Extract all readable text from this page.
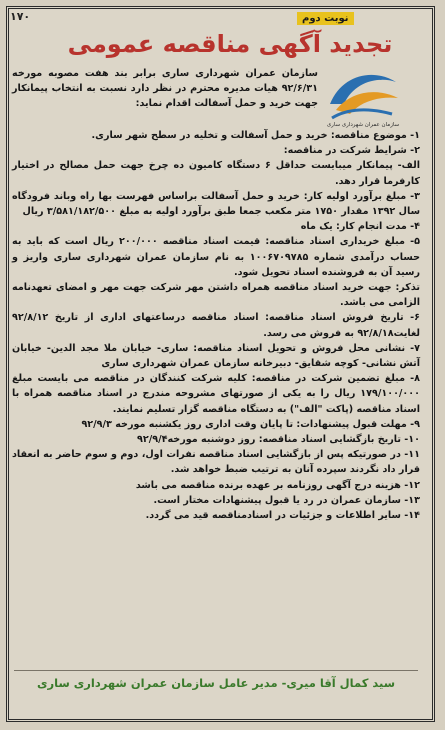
۱۷۰	نوبت دوم
تجدید آگهی مناقصه عمومی
سازمان عمران شهرداری ساری
سازمان عمران شهرداری ساری برابر بند هفت مصوبه مورخه ۹۲/۶/۳۱ هیات مدیره محترم در نظر دارد نسبت به انتخاب پیمانکار جهت خرید و حمل آسفالت اقدام نماید:

۱- موضوع مناقصه: خرید و حمل آسفالت و تخلیه در سطح شهر ساری.

۲- شرایط شرکت در مناقصه:

الف- پیمانکار میبایست حداقل ۶ دستگاه کامیون ده چرخ جهت حمل مصالح در اختیار کارفرما قرار دهد.

۳- مبلغ برآورد اولیه کار: خرید و حمل آسفالت براساس فهرست بها راه وباند فرودگاه سال ۱۳۹۲ مقدار ۱۷۵۰ متر مکعب جمعا طبق برآورد اولیه به مبلغ ۳/۵۸۱/۱۸۲/۵۰۰ ریال

۴- مدت انجام کار: یک ماه

۵- مبلغ خریداری اسناد مناقصه: قیمت اسناد مناقصه ۲۰۰/۰۰۰ ریال است که باید به حساب درآمدی شماره ۱۰۰۶۷۰۹۷۸۵ به نام سازمان عمران شهرداری ساری واریز و رسید آن به فروشنده اسناد تحویل شود.

تذکر: جهت خرید اسناد مناقصه همراه داشتن مهر شرکت جهت مهر و امضای تعهدنامه الزامی می باشد.

۶- تاریخ فروش اسناد مناقصه: اسناد مناقصه درساعتهای اداری از تاریخ ۹۲/۸/۱۲ لغایت۹۲/۸/۱۸ به فروش می رسد.

۷- نشانی محل فروش و تحویل اسناد مناقصه: ساری- خیابان ملا مجد الدین- خیابان آتش نشانی- کوچه شقایق- دبیرخانه سازمان عمران شهرداری ساری

۸- مبلغ تضمین شرکت در مناقصه: کلیه شرکت کنندگان در مناقصه می بایست مبلغ ۱۷۹/۱۰۰/۰۰۰ ریال را به یکی از صورتهای مشروحه مندرج در اسناد مناقصه همراه با اسناد مناقصه (پاکت "الف") به دستگاه مناقصه گزار تسلیم نمایند.

۹- مهلت قبول پیشنهادات: تا پایان وقت اداری روز یکشنبه مورخه ۹۲/۹/۳

۱۰- تاریخ بازگشایی اسناد مناقصه: روز دوشنبه مورخه۹۲/۹/۴

۱۱- در صورتیکه پس از بازگشایی اسناد مناقصه نفرات اول، دوم و سوم حاضر به انعقاد قرار داد نگردند سپرده آنان به ترتیب ضبط خواهد شد.

۱۲- هزینه درج آگهی روزنامه بر عهده برنده مناقصه می باشد

۱۳- سازمان عمران در رد یا قبول پیشنهادات مختار است.

۱۴- سایر اطلاعات و جزئیات در اسنادمناقصه قید می گردد.

سید کمال آقا میری- مدیر عامل سازمان عمران شهرداری ساری
